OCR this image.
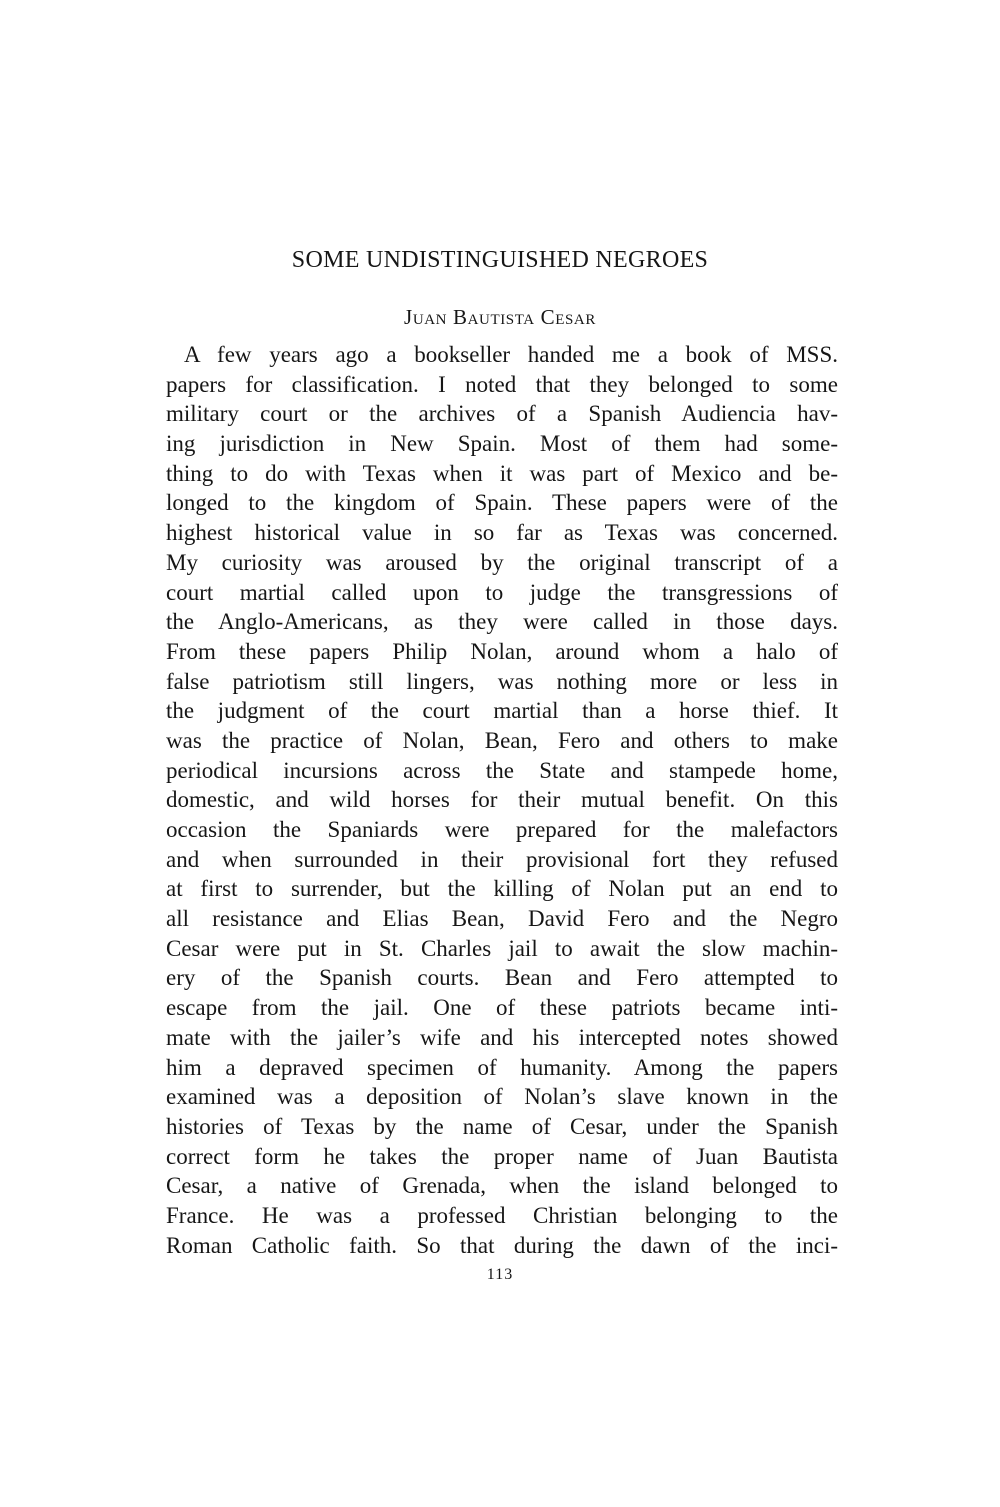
SOME UNDISTINGUISHED NEGROES
Juan Bautista Cesar
A few years ago a bookseller handed me a book of MSS.
papers for classification. I noted that they belonged to some
military court or the archives of a Spanish Audiencia hav-
ing jurisdiction in New Spain. Most of them had some-
thing to do with Texas when it was part of Mexico and be-
longed to the kingdom of Spain. These papers were of the
highest historical value in so far as Texas was concerned.
My curiosity was aroused by the original transcript of a
court martial called upon to judge the transgressions of
the Anglo-Americans, as they were called in those days.
From these papers Philip Nolan, around whom a halo of
false patriotism still lingers, was nothing more or less in
the judgment of the court martial than a horse thief. It
was the practice of Nolan, Bean, Fero and others to make
periodical incursions across the State and stampede home,
domestic, and wild horses for their mutual benefit. On this
occasion the Spaniards were prepared for the malefactors
and when surrounded in their provisional fort they refused
at first to surrender, but the killing of Nolan put an end to
all resistance and Elias Bean, David Fero and the Negro
Cesar were put in St. Charles jail to await the slow machin-
ery of the Spanish courts. Bean and Fero attempted to
escape from the jail. One of these patriots became inti-
mate with the jailer’s wife and his intercepted notes showed
him a depraved specimen of humanity. Among the papers
examined was a deposition of Nolan’s slave known in the
histories of Texas by the name of Cesar, under the Spanish
correct form he takes the proper name of Juan Bautista
Cesar, a native of Grenada, when the island belonged to
France. He was a professed Christian belonging to the
Roman Catholic faith. So that during the dawn of the inci-
113
